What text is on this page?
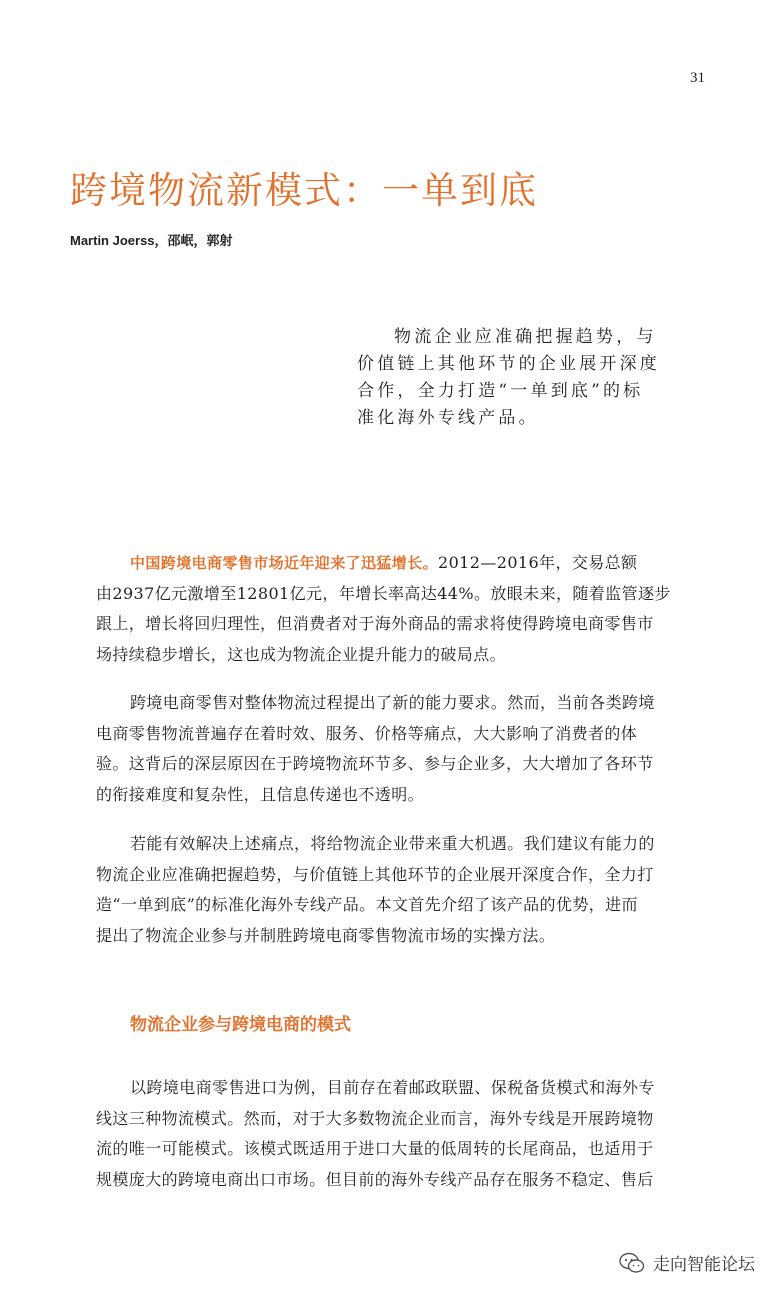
31
跨境物流新模式：一单到底
Martin Joerss，邵岷，郭射
物流企业应准确把握趋势，与
价值链上其他环节的企业展开深度
合作，全力打造“一单到底”的标
准化海外专线产品。
中国跨境电商零售市场近年迎来了迅猛增长。2012—2016年，交易总额
由2937亿元激增至12801亿元，年增长率高达44%。放眼未来，随着监管逐步
跟上，增长将回归理性，但消费者对于海外商品的需求将使得跨境电商零售市
场持续稳步增长，这也成为物流企业提升能力的破局点。
跨境电商零售对整体物流过程提出了新的能力要求。然而，当前各类跨境
电商零售物流普遍存在着时效、服务、价格等痛点，大大影响了消费者的体
验。这背后的深层原因在于跨境物流环节多、参与企业多，大大增加了各环节
的衔接难度和复杂性，且信息传递也不透明。
若能有效解决上述痛点，将给物流企业带来重大机遇。我们建议有能力的
物流企业应准确把握趋势，与价值链上其他环节的企业展开深度合作，全力打
造“一单到底”的标准化海外专线产品。本文首先介绍了该产品的优势，进而
提出了物流企业参与并制胜跨境电商零售物流市场的实操方法。
物流企业参与跨境电商的模式
以跨境电商零售进口为例，目前存在着邮政联盟、保税备货模式和海外专
线这三种物流模式。然而，对于大多数物流企业而言，海外专线是开展跨境物
流的唯一可能模式。该模式既适用于进口大量的低周转的长尾商品，也适用于
规模庞大的跨境电商出口市场。但目前的海外专线产品存在服务不稳定、售后
走向智能论坛
